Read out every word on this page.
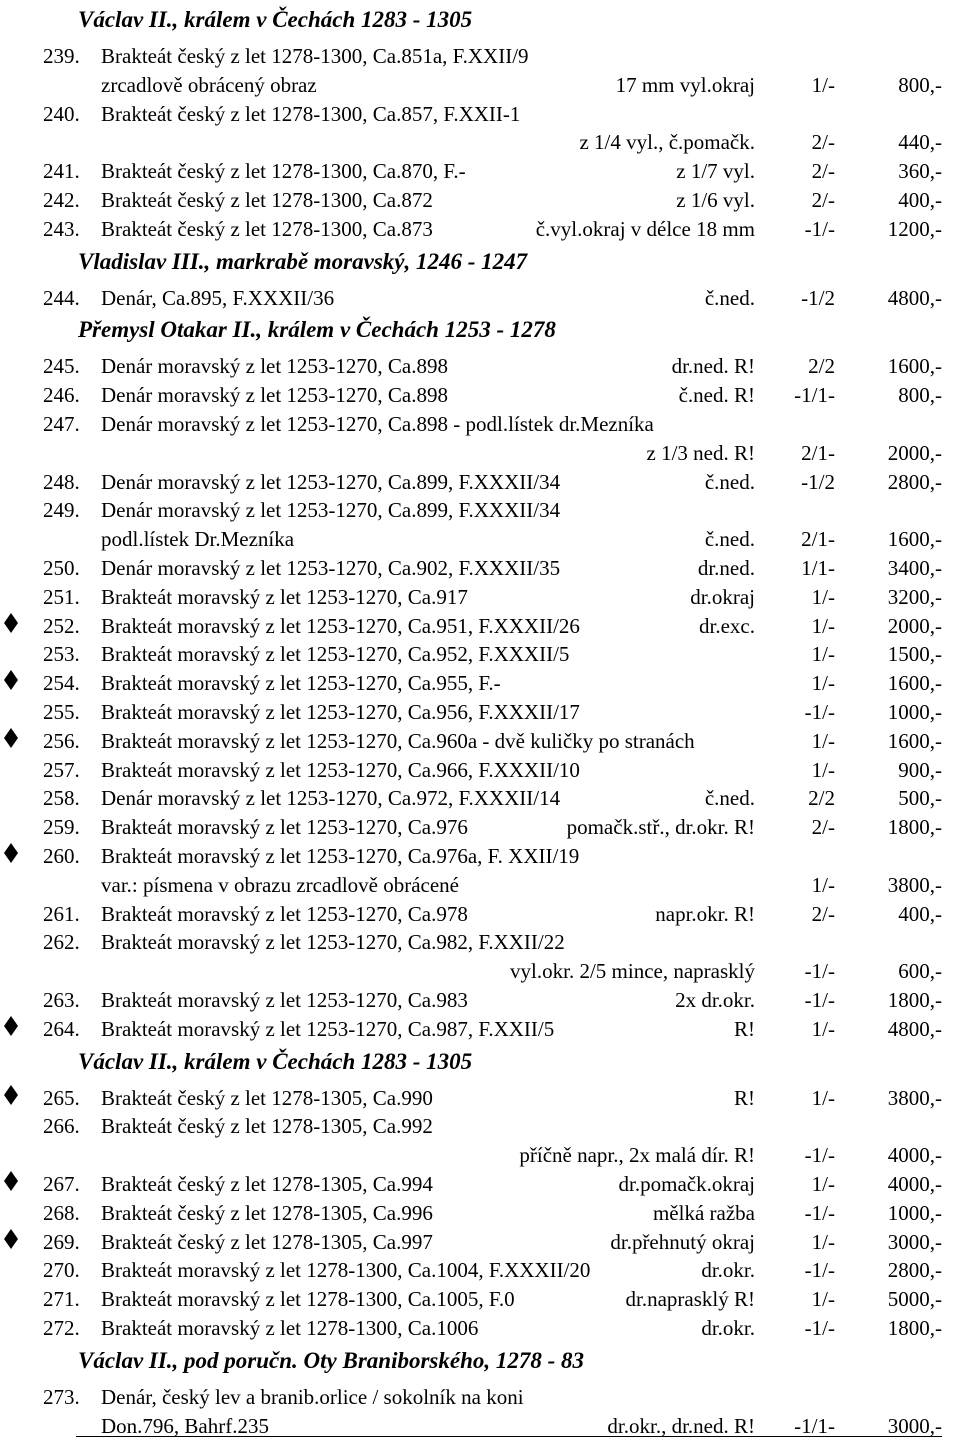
Václav II., králem v Čechách 1283 - 1305
239. Brakteát český z let 1278-1300, Ca.851a, F.XXII/9
zrcadlově obrácený obraz	17 mm vyl.okraj	1/-	800,-
240. Brakteát český z let 1278-1300, Ca.857, F.XXII-1
z 1/4 vyl., č.pomačk.	2/-	440,-
241. Brakteát český z let 1278-1300, Ca.870, F.-	z 1/7 vyl.	2/-	360,-
242. Brakteát český z let 1278-1300, Ca.872	z 1/6 vyl.	2/-	400,-
243. Brakteát český z let 1278-1300, Ca.873	č.vyl.okraj v délce 18 mm -1/-	1200,-
Vladislav III., markrabě moravský, 1246 - 1247
244. Denár, Ca.895, F.XXXII/36	č.ned. -1/2	4800,-
Přemysl Otakar II., králem v Čechách 1253 - 1278
245. Denár moravský z let 1253-1270, Ca.898	dr.ned. R!	2/2	1600,-
246. Denár moravský z let 1253-1270, Ca.898	č.ned. R! -1/1-	800,-
247. Denár moravský z let 1253-1270, Ca.898 - podl.lístek dr.Mezníka
z 1/3 ned. R! 2/1-	2000,-
248. Denár moravský z let 1253-1270, Ca.899, F.XXXII/34	č.ned. -1/2	2800,-
249. Denár moravský z let 1253-1270, Ca.899, F.XXXII/34
podl.lístek Dr.Mezníka	č.ned. 2/1-	1600,-
250. Denár moravský z let 1253-1270, Ca.902, F.XXXII/35	dr.ned. 1/1-	3400,-
251. Brakteát moravský z let 1253-1270, Ca.917	dr.okraj	1/-	3200,-
252. Brakteát moravský z let 1253-1270, Ca.951, F.XXXII/26	dr.exc.	1/-	2000,-
253. Brakteát moravský z let 1253-1270, Ca.952, F.XXXII/5	1/-	1500,-
254. Brakteát moravský z let 1253-1270, Ca.955, F.-	1/-	1600,-
255. Brakteát moravský z let 1253-1270, Ca.956, F.XXXII/17	-1/-	1000,-
256. Brakteát moravský z let 1253-1270, Ca.960a - dvě kuličky po stranách	1/-	1600,-
257. Brakteát moravský z let 1253-1270, Ca.966, F.XXXII/10	1/-	900,-
258. Denár moravský z let 1253-1270, Ca.972, F.XXXII/14	č.ned.	2/2	500,-
259. Brakteát moravský z let 1253-1270, Ca.976	pomačk.stř., dr.okr. R!	2/-	1800,-
260. Brakteát moravský z let 1253-1270, Ca.976a, F. XXII/19
var.: písmena v obrazu zrcadlově obrácené	1/-	3800,-
261. Brakteát moravský z let 1253-1270, Ca.978	napr.okr. R!	2/-	400,-
262. Brakteát moravský z let 1253-1270, Ca.982, F.XXII/22
vyl.okr. 2/5 mince, naprasklý -1/-	600,-
263. Brakteát moravský z let 1253-1270, Ca.983	2x dr.okr. -1/-	1800,-
264. Brakteát moravský z let 1253-1270, Ca.987, F.XXII/5	R!	1/-	4800,-
Václav II., králem v Čechách 1283 - 1305
265. Brakteát český z let 1278-1305, Ca.990	R!	1/-	3800,-
266. Brakteát český z let 1278-1305, Ca.992
příčně napr., 2x malá dír. R! -1/-	4000,-
267. Brakteát český z let 1278-1305, Ca.994	dr.pomačk.okraj	1/-	4000,-
268. Brakteát český z let 1278-1305, Ca.996	mělká ražba -1/-	1000,-
269. Brakteát český z let 1278-1305, Ca.997	dr.přehnutý okraj	1/-	3000,-
270. Brakteát moravský z let 1278-1300, Ca.1004, F.XXXII/20	dr.okr. -1/-	2800,-
271. Brakteát moravský z let 1278-1300, Ca.1005, F.0	dr.naprasklý R!	1/-	5000,-
272. Brakteát moravský z let 1278-1300, Ca.1006	dr.okr. -1/-	1800,-
Václav II., pod poručn. Oty Braniborského, 1278 - 83
273. Denár, český lev a branib.orlice / sokolník na koni
Don.796, Bahrf.235	dr.okr., dr.ned. R! -1/1-	3000,-
